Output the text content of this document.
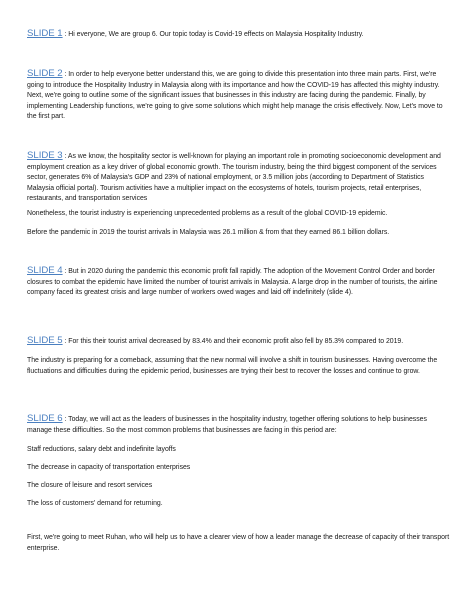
SLIDE 1 : Hi everyone, We are group 6. Our topic today is Covid-19 effects on Malaysia Hospitality Industry.

SLIDE 2 : In order to help everyone better understand this, we are going to divide this presentation into three main parts. First, we're going to introduce the Hospitality Industry in Malaysia along with its importance and how the COVID-19 has affected this mighty industry. Next, we're going to outline some of the significant issues that businesses in this industry are facing during the pandemic. Finally, by implementing Leadership functions, we're going to give some solutions which might help manage the crisis effectively. Now, Let's move to the first part.

SLIDE 3 : As we know, the hospitality sector is well-known for playing an important role in promoting socioeconomic development and employment creation as a key driver of global economic growth. The tourism industry, being the third biggest component of the services sector, generates 6% of Malaysia's GDP and 23% of national employment, or 3.5 million jobs (according to Department of Statistics Malaysia official portal). Tourism activities have a multiplier impact on the ecosystems of hotels, tourism projects, retail enterprises, restaurants, and transportation services

Nonetheless, the tourist industry is experiencing unprecedented problems as a result of the global COVID-19 epidemic.

Before the pandemic in 2019 the tourist arrivals in Malaysia was 26.1 million & from that they earned 86.1 billion dollars.

SLIDE 4 : But in 2020 during the pandemic this economic profit fall rapidly. The adoption of the Movement Control Order and border closures to combat the epidemic have limited the number of tourist arrivals in Malaysia. A large drop in the number of tourists, the airline company faced its greatest crisis and large number of workers owed wages and laid off indefinitely (slide 4).

SLIDE 5 : For this their tourist arrival decreased by 83.4% and their economic profit also fell by 85.3% compared to 2019.

The industry is preparing for a comeback, assuming that the new normal will involve a shift in tourism businesses. Having overcome the fluctuations and difficulties during the epidemic period, businesses are trying their best to recover the losses and continue to grow.

SLIDE 6 : Today, we will act as the leaders of businesses in the hospitality industry, together offering solutions to help businesses manage these difficulties. So the most common problems that businesses are facing in this period are:

Staff reductions, salary debt and indefinite layoffs

The decrease in capacity of transportation enterprises

The closure of leisure and resort services

The loss of customers' demand for returning.

First, we're going to meet Ruhan, who will help us to have a clearer view of how a leader manage the decrease of capacity of their transport enterprise.
